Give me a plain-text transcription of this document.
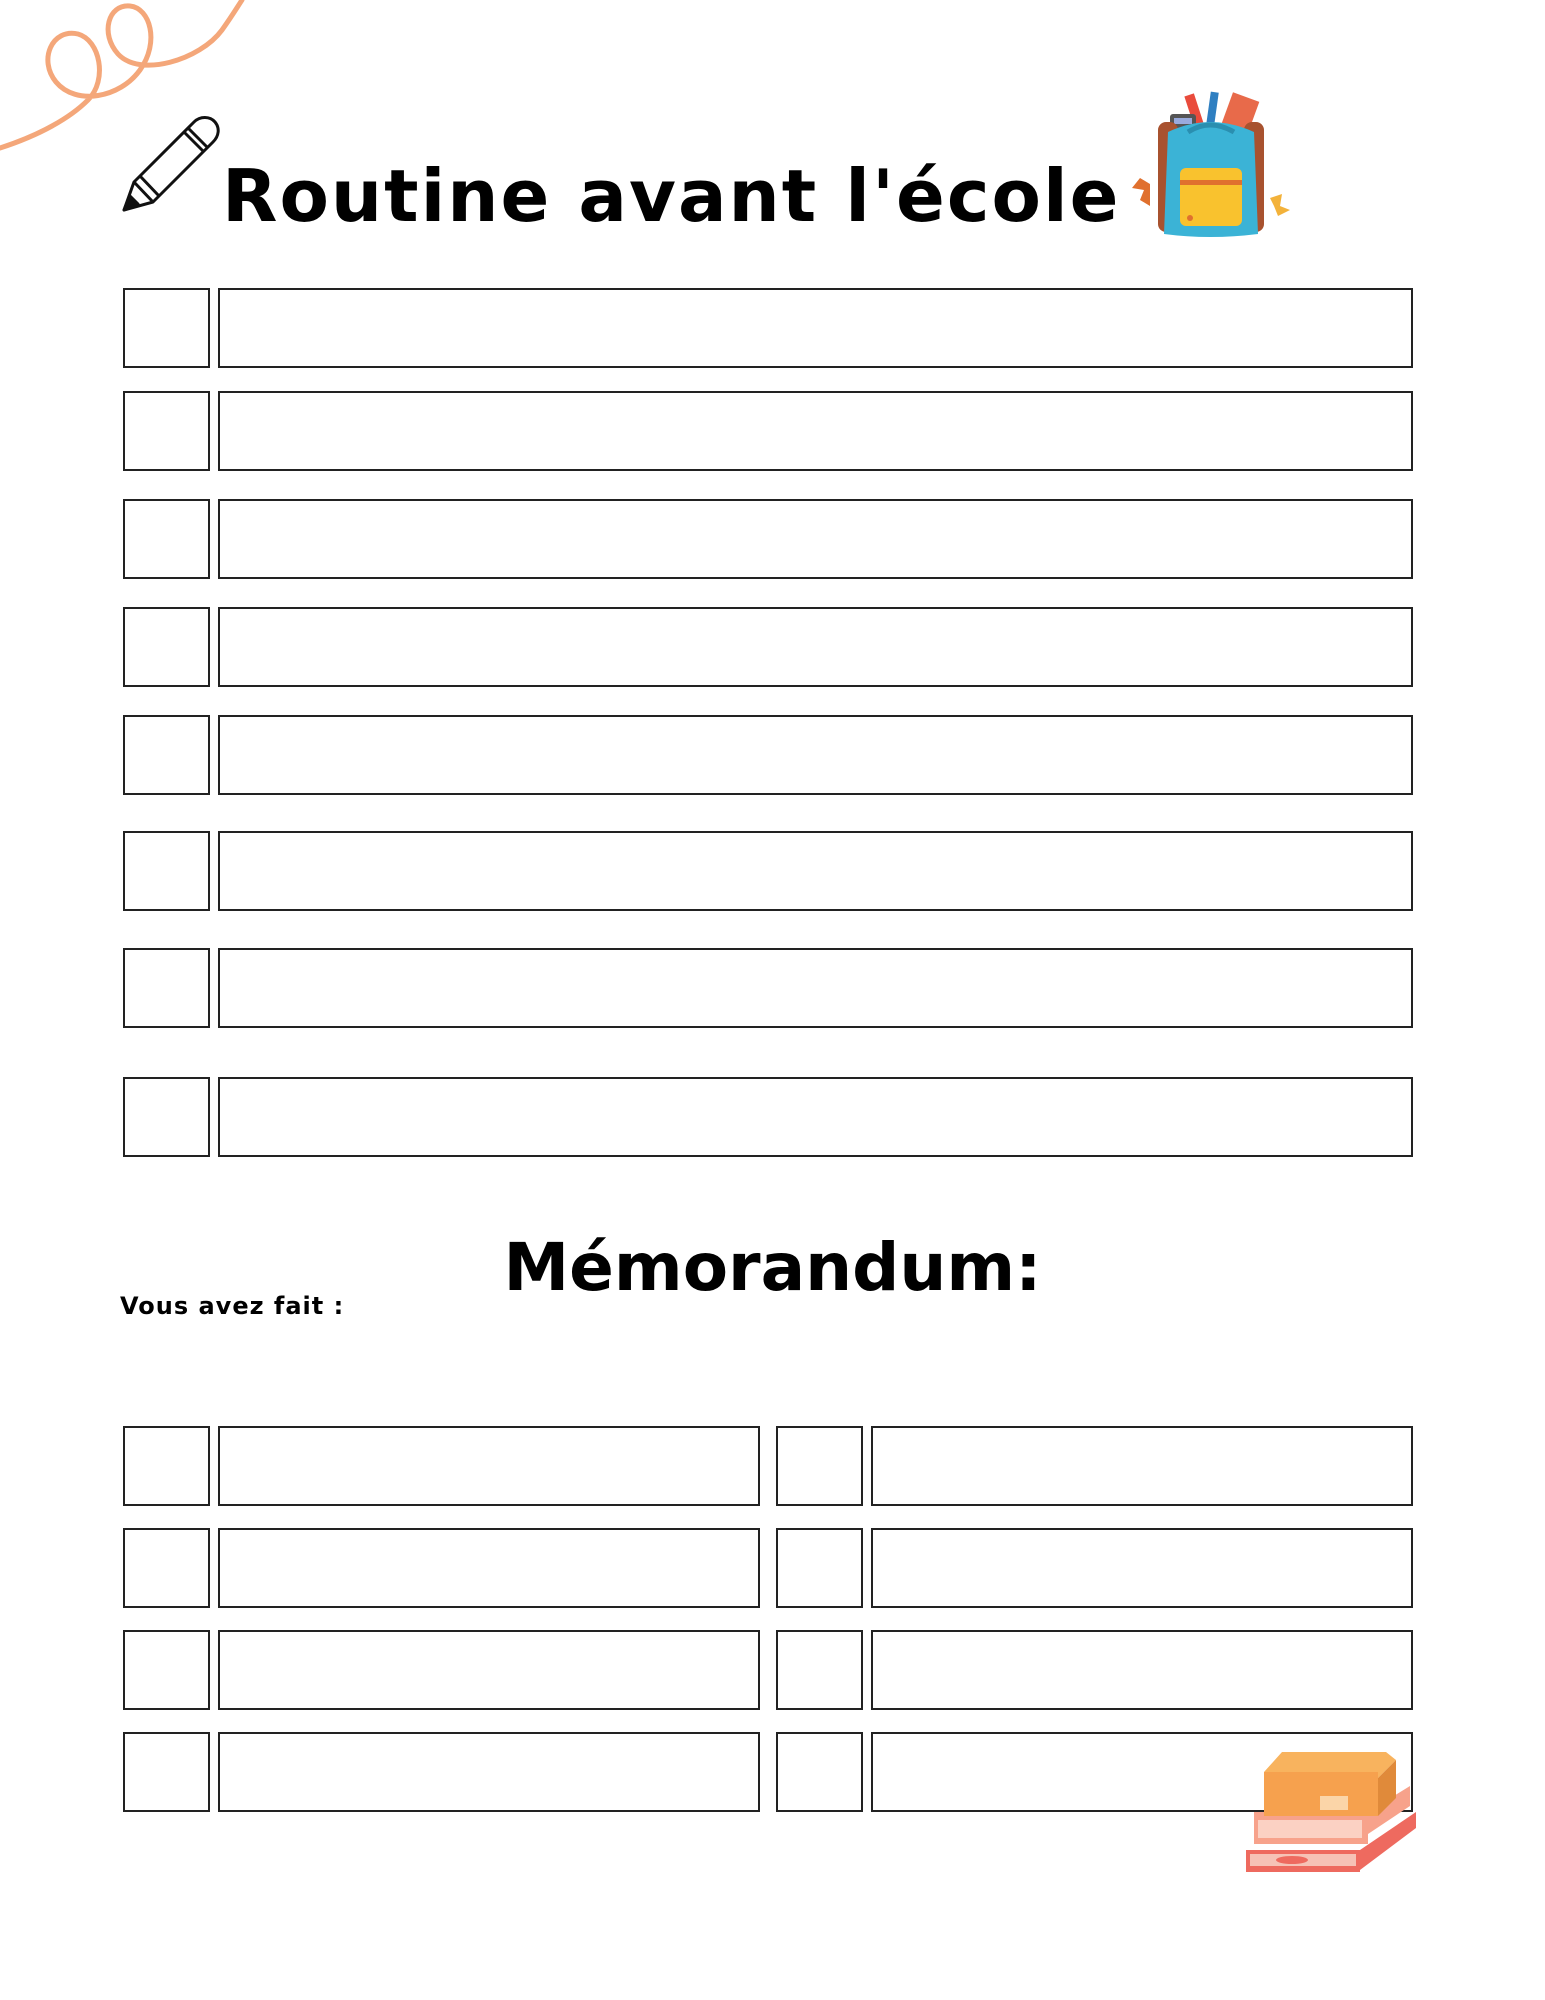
Routine avant l'école
Mémorandum:
Vous avez fait :
